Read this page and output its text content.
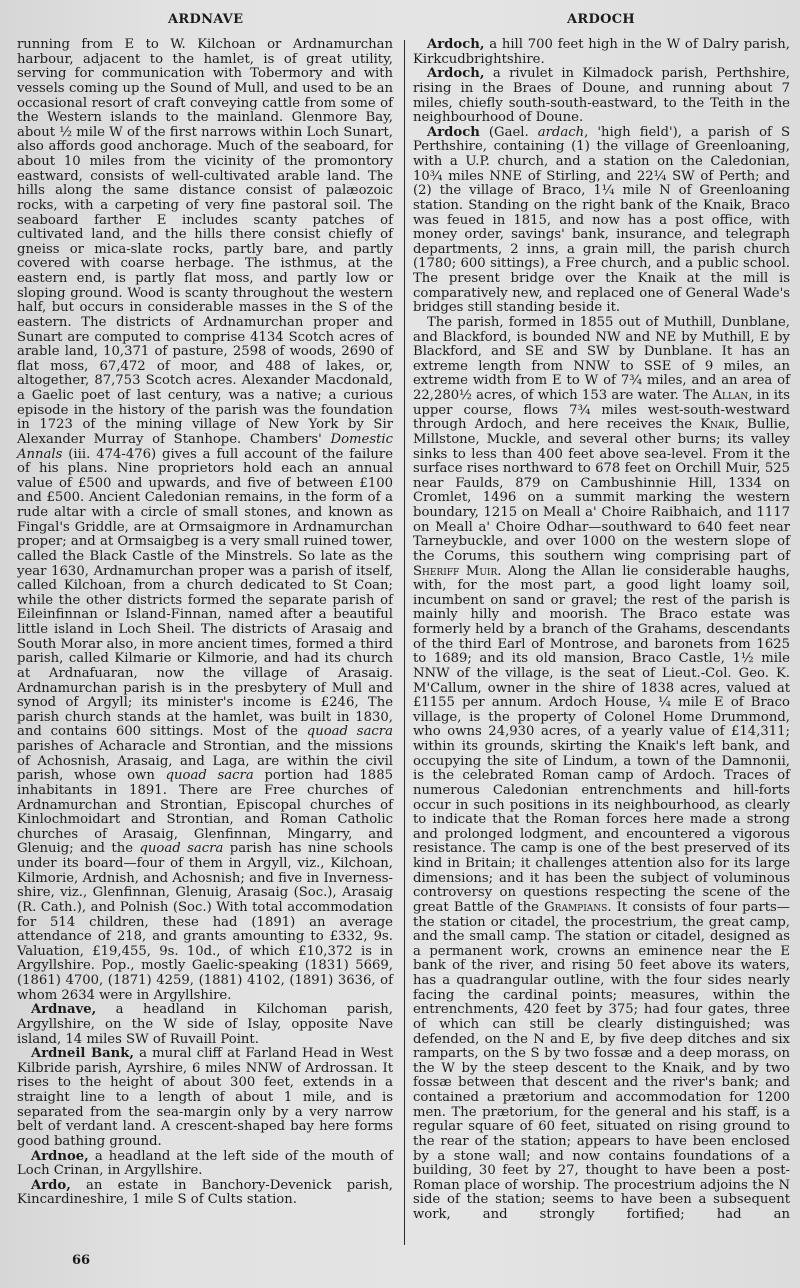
ARDNAVE	ARDOCH

running from E to W. Kilchoan or Ardnamurchan harbour, adjacent to the hamlet, is of great utility, serving for communication with Tobermory and with vessels coming up the Sound of Mull, and used to be an occasional resort of craft conveying cattle from some of the Western islands to the mainland. Glenmore Bay, about ½ mile W of the first narrows within Loch Sunart, also affords good anchorage. Much of the seaboard, for about 10 miles from the vicinity of the promontory eastward, consists of well-cultivated arable land. The hills along the same distance consist of palæozoic rocks, with a carpeting of very fine pastoral soil. The seaboard farther E includes scanty patches of cultivated land, and the hills there consist chiefly of gneiss or mica-slate rocks, partly bare, and partly covered with coarse herbage. The isthmus, at the eastern end, is partly flat moss, and partly low or sloping ground. Wood is scanty throughout the western half, but occurs in considerable masses in the S of the eastern. The districts of Ardnamurchan proper and Sunart are computed to comprise 4134 Scotch acres of arable land, 10,371 of pasture, 2598 of woods, 2690 of flat moss, 67,472 of moor, and 488 of lakes, or, altogether, 87,753 Scotch acres. Alexander Macdonald, a Gaelic poet of last century, was a native; a curious episode in the history of the parish was the foundation in 1723 of the mining village of New York by Sir Alexander Murray of Stanhope. Chambers' Domestic Annals (iii. 474-476) gives a full account of the failure of his plans. Nine proprietors hold each an annual value of £500 and upwards, and five of between £100 and £500. Ancient Caledonian remains, in the form of a rude altar with a circle of small stones, and known as Fingal's Griddle, are at Ormsaigmore in Ardnamurchan proper; and at Ormsaigbeg is a very small ruined tower, called the Black Castle of the Minstrels. So late as the year 1630, Ardnamurchan proper was a parish of itself, called Kilchoan, from a church dedicated to St Coan; while the other districts formed the separate parish of Eileinfinnan or Island-Finnan, named after a beautiful little island in Loch Sheil. The districts of Arasaig and South Morar also, in more ancient times, formed a third parish, called Kilmarie or Kilmorie, and had its church at Ardnafuaran, now the village of Arasaig. Ardnamurchan parish is in the presbytery of Mull and synod of Argyll; its minister's income is £246, The parish church stands at the hamlet, was built in 1830, and contains 600 sittings. Most of the quoad sacra parishes of Acharacle and Strontian, and the missions of Achosnish, Arasaig, and Laga, are within the civil parish, whose own quoad sacra portion had 1885 inhabitants in 1891. There are Free churches of Ardnamurchan and Strontian, Episcopal churches of Kinlochmoidart and Strontian, and Roman Catholic churches of Arasaig, Glenfinnan, Mingarry, and Glenuig; and the quoad sacra parish has nine schools under its board—four of them in Argyll, viz., Kilchoan, Kilmorie, Ardnish, and Achosnish; and five in Inverness-shire, viz., Glenfinnan, Glenuig, Arasaig (Soc.), Arasaig (R. Cath.), and Polnish (Soc.) With total accommodation for 514 children, these had (1891) an average attendance of 218, and grants amounting to £332, 9s. Valuation, £19,455, 9s. 10d., of which £10,372 is in Argyllshire. Pop., mostly Gaelic-speaking (1831) 5669, (1861) 4700, (1871) 4259, (1881) 4102, (1891) 3636, of whom 2634 were in Argyllshire.

Ardnave, a headland in Kilchoman parish, Argyllshire, on the W side of Islay, opposite Nave island, 14 miles SW of Ruvaill Point.

Ardneil Bank, a mural cliff at Farland Head in West Kilbride parish, Ayrshire, 6 miles NNW of Ardrossan. It rises to the height of about 300 feet, extends in a straight line to a length of about 1 mile, and is separated from the sea-margin only by a very narrow belt of verdant land. A crescent-shaped bay here forms good bathing ground.

Ardnoe, a headland at the left side of the mouth of Loch Crinan, in Argyllshire.

Ardo, an estate in Banchory-Devenick parish, Kincardineshire, 1 mile S of Cults station.

Ardoch, a hill 700 feet high in the W of Dalry parish, Kirkcudbrightshire.

Ardoch, a rivulet in Kilmadock parish, Perthshire, rising in the Braes of Doune, and running about 7 miles, chiefly south-south-eastward, to the Teith in the neighbourhood of Doune.

Ardoch (Gael. ardach, 'high field'), a parish of S Perthshire, containing (1) the village of Greenloaning, with a U.P. church, and a station on the Caledonian, 10¾ miles NNE of Stirling, and 22¼ SW of Perth; and (2) the village of Braco, 1¼ mile N of Greenloaning station. Standing on the right bank of the Knaik, Braco was feued in 1815, and now has a post office, with money order, savings' bank, insurance, and telegraph departments, 2 inns, a grain mill, the parish church (1780; 600 sittings), a Free church, and a public school. The present bridge over the Knaik at the mill is comparatively new, and replaced one of General Wade's bridges still standing beside it.

The parish, formed in 1855 out of Muthill, Dunblane, and Blackford, is bounded NW and NE by Muthill, E by Blackford, and SE and SW by Dunblane. It has an extreme length from NNW to SSE of 9 miles, an extreme width from E to W of 7¾ miles, and an area of 22,280½ acres, of which 153 are water. The Allan, in its upper course, flows 7¾ miles west-south-westward through Ardoch, and here receives the Knaik, Bullie, Millstone, Muckle, and several other burns; its valley sinks to less than 400 feet above sea-level. From it the surface rises northward to 678 feet on Orchill Muir, 525 near Faulds, 879 on Cambushinnie Hill, 1334 on Cromlet, 1496 on a summit marking the western boundary, 1215 on Meall a' Choire Raibhaich, and 1117 on Meall a' Choire Odhar—southward to 640 feet near Tarneybuckle, and over 1000 on the western slope of the Corums, this southern wing comprising part of Sheriff Muir. Along the Allan lie considerable haughs, with, for the most part, a good light loamy soil, incumbent on sand or gravel; the rest of the parish is mainly hilly and moorish. The Braco estate was formerly held by a branch of the Grahams, descendants of the third Earl of Montrose, and baronets from 1625 to 1689; and its old mansion, Braco Castle, 1½ mile NNW of the village, is the seat of Lieut.-Col. Geo. K. M'Callum, owner in the shire of 1838 acres, valued at £1155 per annum. Ardoch House, ¼ mile E of Braco village, is the property of Colonel Home Drummond, who owns 24,930 acres, of a yearly value of £14,311; within its grounds, skirting the Knaik's left bank, and occupying the site of Lindum, a town of the Damnonii, is the celebrated Roman camp of Ardoch. Traces of numerous Caledonian entrenchments and hill-forts occur in such positions in its neighbourhood, as clearly to indicate that the Roman forces here made a strong and prolonged lodgment, and encountered a vigorous resistance. The camp is one of the best preserved of its kind in Britain; it challenges attention also for its large dimensions; and it has been the subject of voluminous controversy on questions respecting the scene of the great Battle of the Grampians. It consists of four parts—the station or citadel, the procestrium, the great camp, and the small camp. The station or citadel, designed as a permanent work, crowns an eminence near the E bank of the river, and rising 50 feet above its waters, has a quadrangular outline, with the four sides nearly facing the cardinal points; measures, within the entrenchments, 420 feet by 375; had four gates, three of which can still be clearly distinguished; was defended, on the N and E, by five deep ditches and six ramparts, on the S by two fossæ and a deep morass, on the W by the steep descent to the Knaik, and by two fossæ between that descent and the river's bank; and contained a prætorium and accommodation for 1200 men. The prætorium, for the general and his staff, is a regular square of 60 feet, situated on rising ground to the rear of the station; appears to have been enclosed by a stone wall; and now contains foundations of a building, 30 feet by 27, thought to have been a post-Roman place of worship. The procestrium adjoins the N side of the station; seems to have been a subsequent work, and strongly fortified; had an

66
